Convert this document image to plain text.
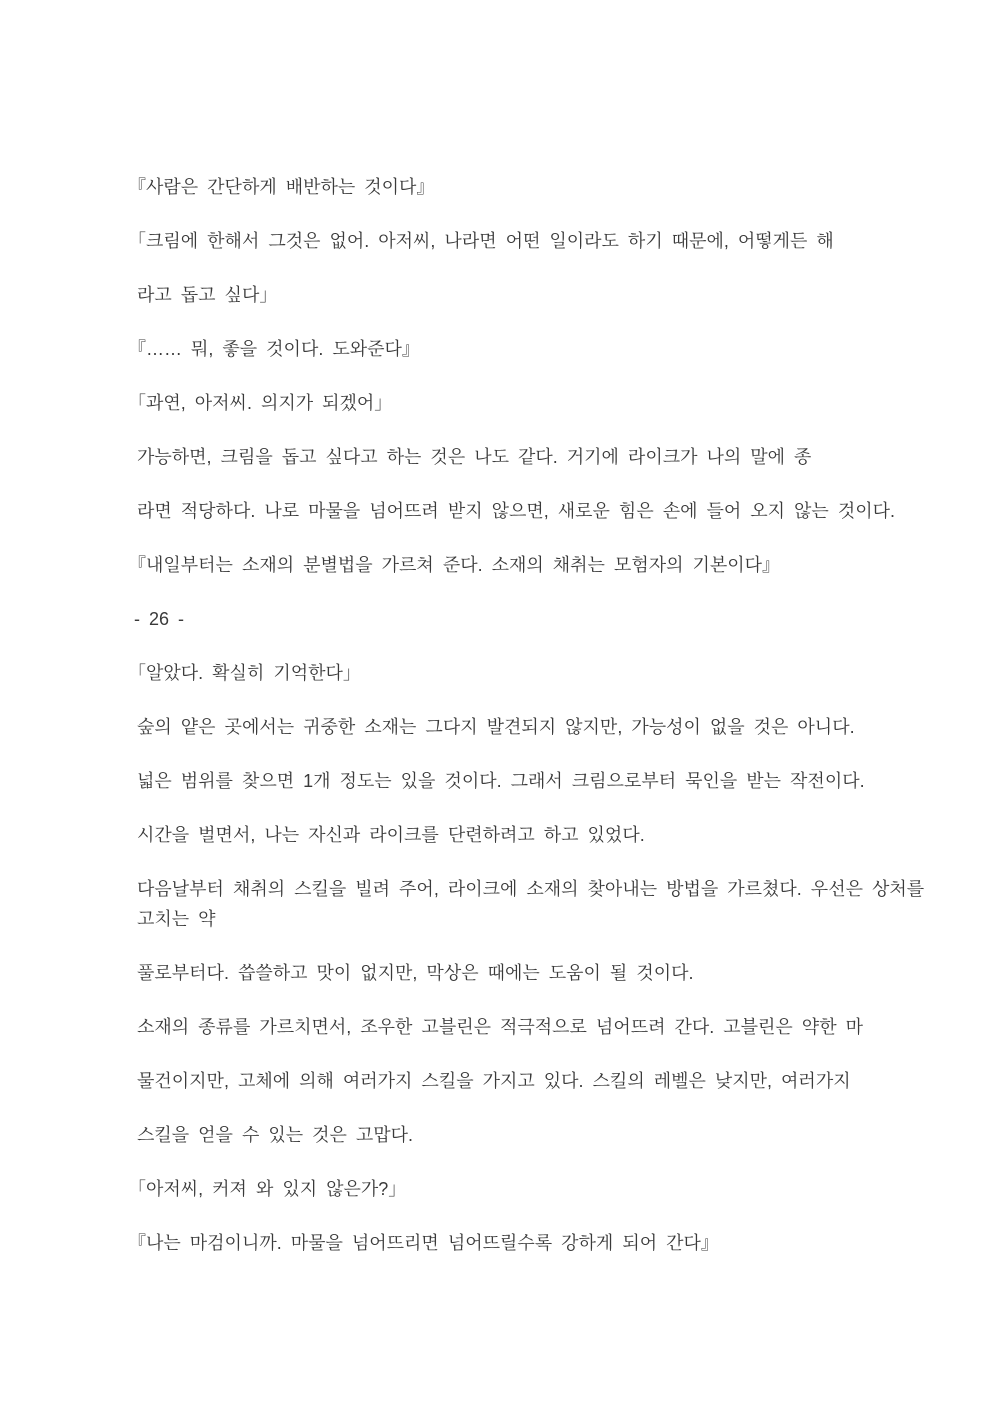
『사람은 간단하게 배반하는 것이다』

「크림에 한해서 그것은 없어. 아저씨, 나라면 어떤 일이라도 하기 때문에, 어떻게든 해

라고 돕고 싶다」

『…… 뭐, 좋을 것이다. 도와준다』

「과연, 아저씨. 의지가 되겠어」

가능하면, 크림을 돕고 싶다고 하는 것은 나도 같다. 거기에 라이크가 나의 말에 종

라면 적당하다. 나로 마물을 넘어뜨려 받지 않으면, 새로운 힘은 손에 들어 오지 않는 것이다.

『내일부터는 소재의 분별법을 가르쳐 준다. 소재의 채취는 모험자의 기본이다』

- 26 -

「알았다. 확실히 기억한다」

숲의 얕은 곳에서는 귀중한 소재는 그다지 발견되지 않지만, 가능성이 없을 것은 아니다.

넓은 범위를 찾으면 1개 정도는 있을 것이다. 그래서 크림으로부터 묵인을 받는 작전이다.

시간을 벌면서, 나는 자신과 라이크를 단련하려고 하고 있었다.

다음날부터 채취의 스킬을 빌려 주어, 라이크에 소재의 찾아내는 방법을 가르쳤다. 우선은 상처를 고치는 약

풀로부터다. 씁쓸하고 맛이 없지만, 막상은 때에는 도움이 될 것이다.

소재의 종류를 가르치면서, 조우한 고블린은 적극적으로 넘어뜨려 간다. 고블린은 약한 마

물건이지만, 고체에 의해 여러가지 스킬을 가지고 있다. 스킬의 레벨은 낮지만, 여러가지

스킬을 얻을 수 있는 것은 고맙다.

「아저씨, 커져 와 있지 않은가?」

『나는 마검이니까. 마물을 넘어뜨리면 넘어뜨릴수록 강하게 되어 간다』
